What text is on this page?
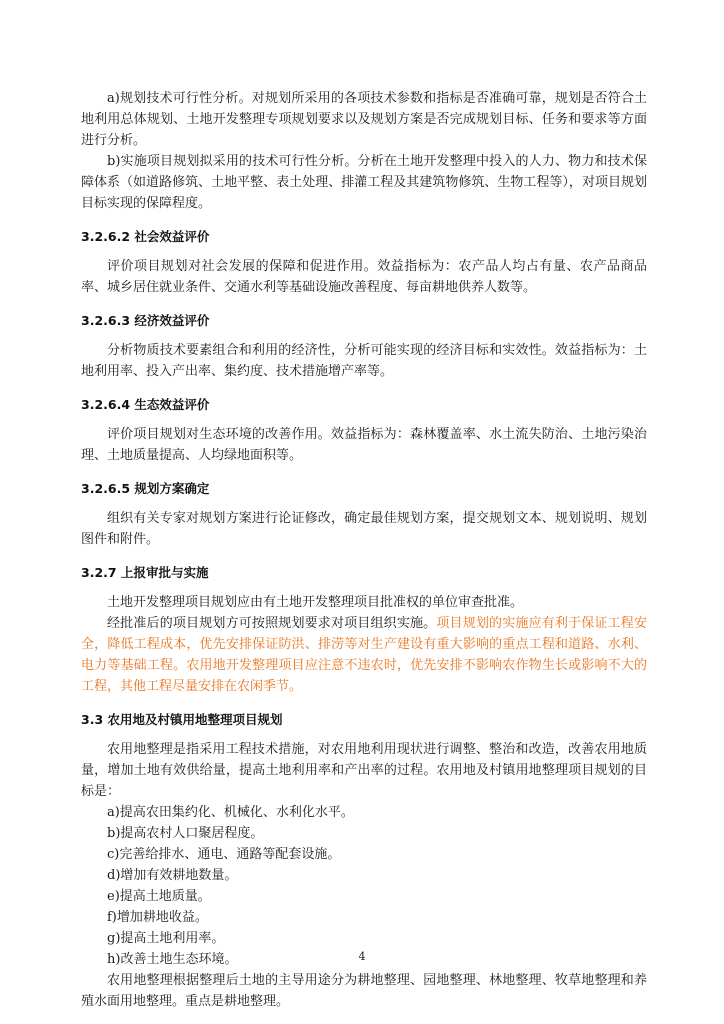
a)规划技术可行性分析。对规划所采用的各项技术参数和指标是否准确可靠，规划是否符合土地利用总体规划、土地开发整理专项规划要求以及规划方案是否完成规划目标、任务和要求等方面进行分析。

b)实施项目规划拟采用的技术可行性分析。分析在土地开发整理中投入的人力、物力和技术保障体系（如道路修筑、土地平整、表土处理、排灌工程及其建筑物修筑、生物工程等），对项目规划目标实现的保障程度。

3.2.6.2 社会效益评价

评价项目规划对社会发展的保障和促进作用。效益指标为：农产品人均占有量、农产品商品率、城乡居住就业条件、交通水利等基础设施改善程度、每亩耕地供养人数等。

3.2.6.3 经济效益评价

分析物质技术要素组合和利用的经济性，分析可能实现的经济目标和实效性。效益指标为：土地利用率、投入产出率、集约度、技术措施增产率等。

3.2.6.4 生态效益评价

评价项目规划对生态环境的改善作用。效益指标为：森林覆盖率、水土流失防治、土地污染治理、土地质量提高、人均绿地面积等。

3.2.6.5 规划方案确定

组织有关专家对规划方案进行论证修改，确定最佳规划方案，提交规划文本、规划说明、规划图件和附件。

3.2.7 上报审批与实施

土地开发整理项目规划应由有土地开发整理项目批准权的单位审查批准。

经批准后的项目规划方可按照规划要求对项目组织实施。项目规划的实施应有利于保证工程安全，降低工程成本，优先安排保证防洪、排涝等对生产建设有重大影响的重点工程和道路、水利、电力等基础工程。农用地开发整理项目应注意不违农时，优先安排不影响农作物生长或影响不大的工程，其他工程尽量安排在农闲季节。

3.3 农用地及村镇用地整理项目规划

农用地整理是指采用工程技术措施，对农用地利用现状进行调整、整治和改造，改善农用地质量，增加土地有效供给量，提高土地利用率和产出率的过程。农用地及村镇用地整理项目规划的目标是：

a)提高农田集约化、机械化、水利化水平。

b)提高农村人口聚居程度。

c)完善给排水、通电、通路等配套设施。

d)增加有效耕地数量。

e)提高土地质量。

f)增加耕地收益。

g)提高土地利用率。

h)改善土地生态环境。

农用地整理根据整理后土地的主导用途分为耕地整理、园地整理、林地整理、牧草地整理和养殖水面用地整理。重点是耕地整理。

4
